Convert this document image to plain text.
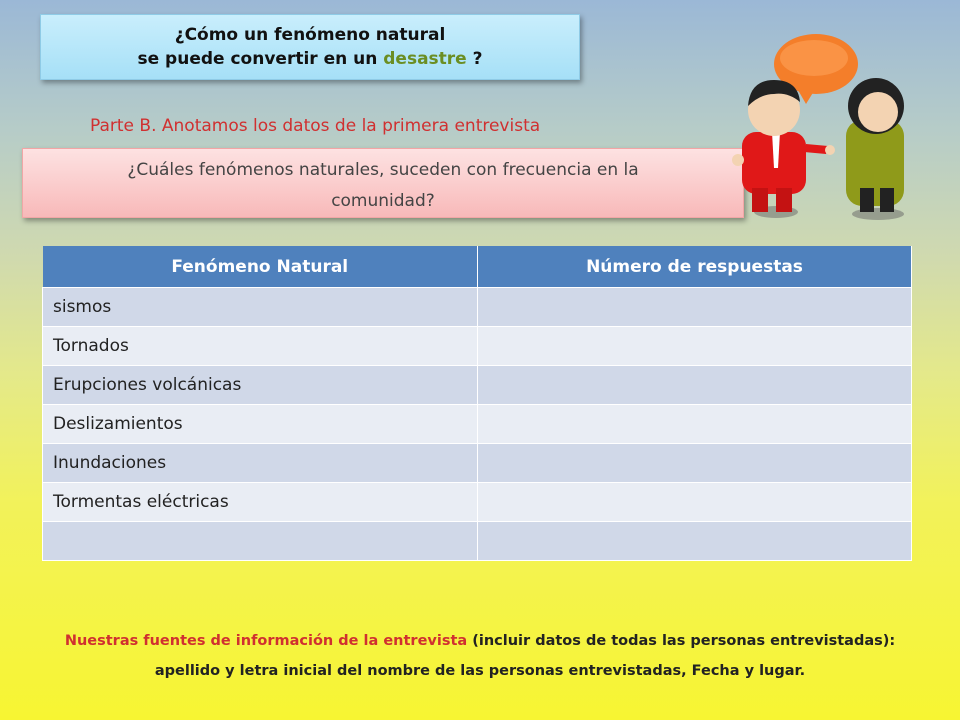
¿Cómo un fenómeno natural
se puede convertir en un desastre ?
Parte B. Anotamos los datos de la primera entrevista
¿Cuáles fenómenos naturales, suceden con frecuencia en la
comunidad?
Fenómeno Natural	Número de respuestas
sismos	
Tornados	
Erupciones volcánicas	
Deslizamientos	
Inundaciones	
Tormentas eléctricas	

Nuestras fuentes de información de la entrevista (incluir datos de todas las personas entrevistadas): apellido y letra inicial del nombre de las personas entrevistadas, Fecha y lugar.
